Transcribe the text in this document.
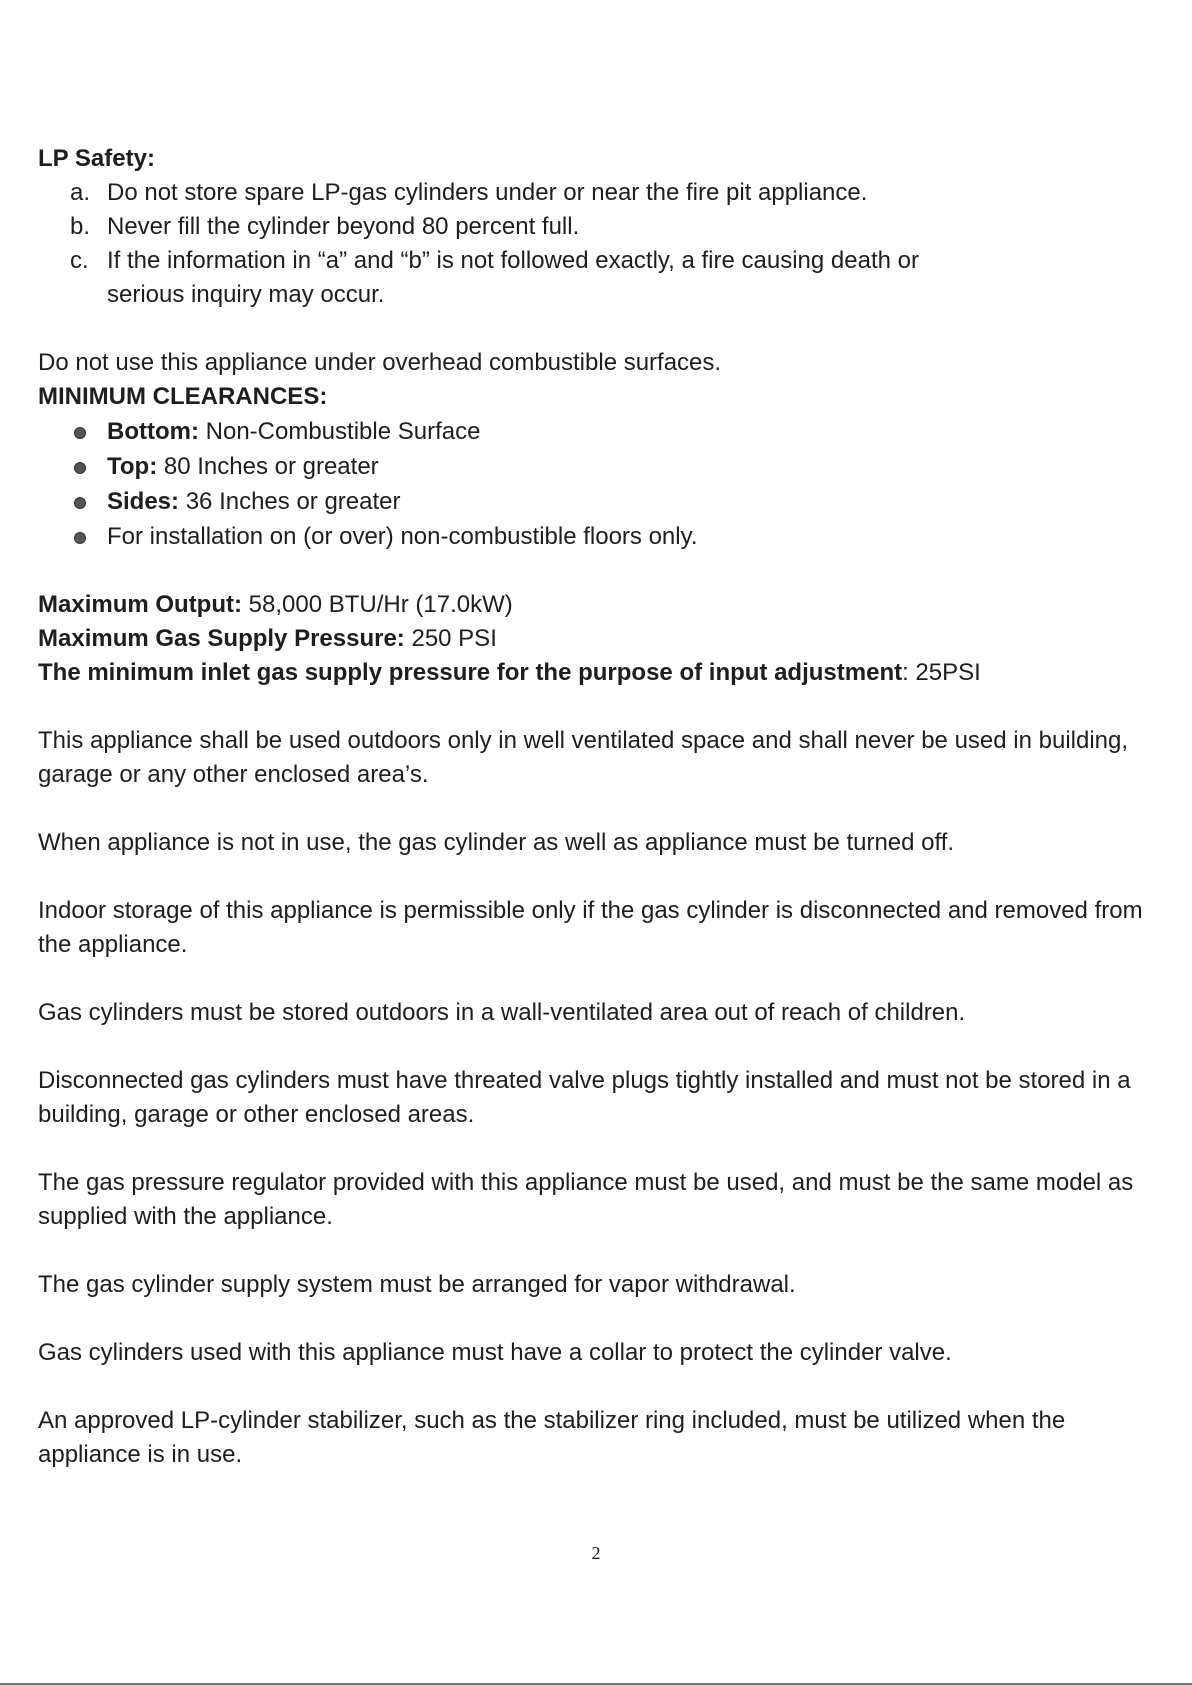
LP Safety:

a. Do not store spare LP-gas cylinders under or near the fire pit appliance.
b. Never fill the cylinder beyond 80 percent full.
c. If the information in “a” and “b” is not followed exactly, a fire causing death or serious inquiry may occur.

Do not use this appliance under overhead combustible surfaces.

MINIMUM CLEARANCES:

Bottom: Non-Combustible Surface
Top: 80 Inches or greater
Sides: 36 Inches or greater
For installation on (or over) non-combustible floors only.

Maximum Output: 58,000 BTU/Hr (17.0kW)

Maximum Gas Supply Pressure: 250 PSI

The minimum inlet gas supply pressure for the purpose of input adjustment: 25PSI

This appliance shall be used outdoors only in well ventilated space and shall never be used in building, garage or any other enclosed area’s.

When appliance is not in use, the gas cylinder as well as appliance must be turned off.

Indoor storage of this appliance is permissible only if the gas cylinder is disconnected and removed from the appliance.

Gas cylinders must be stored outdoors in a wall-ventilated area out of reach of children.

Disconnected gas cylinders must have threated valve plugs tightly installed and must not be stored in a building, garage or other enclosed areas.

The gas pressure regulator provided with this appliance must be used, and must be the same model as supplied with the appliance.

The gas cylinder supply system must be arranged for vapor withdrawal.

Gas cylinders used with this appliance must have a collar to protect the cylinder valve.

An approved LP-cylinder stabilizer, such as the stabilizer ring included, must be utilized when the appliance is in use.

2
